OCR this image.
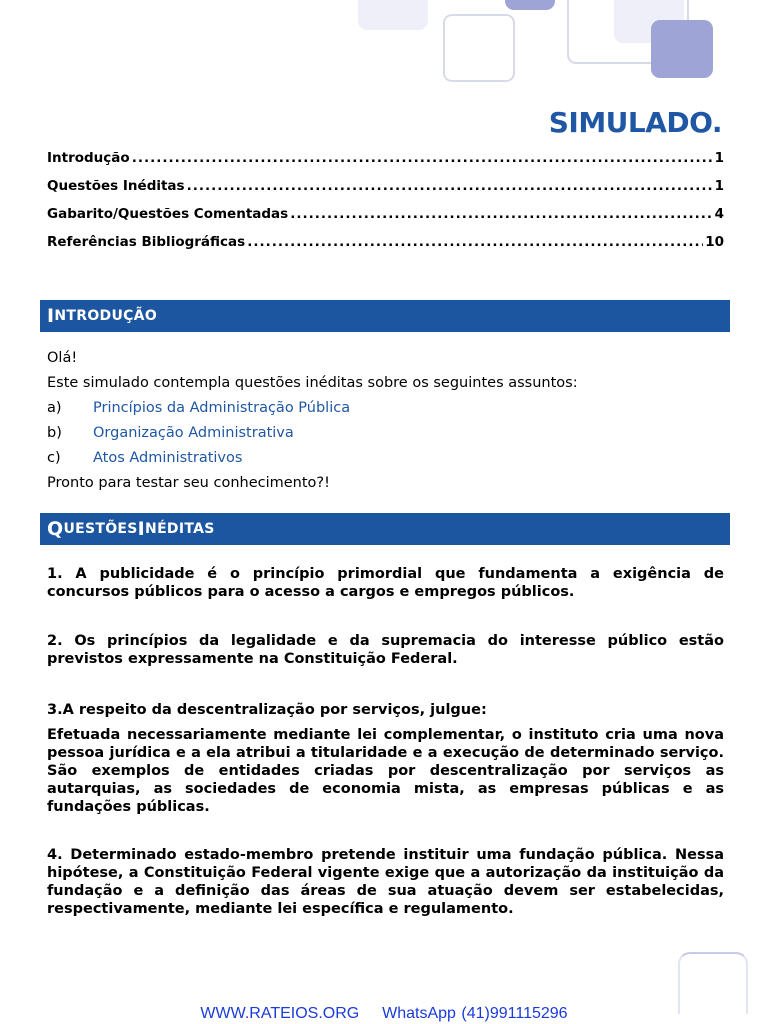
SIMULADO.
Introdução .....	1
Questões Inéditas .....	1
Gabarito/Questões Comentadas .....	4
Referências Bibliográficas .....	10
I NTRODUÇÃO
Olá!
Este simulado contempla questões inéditas sobre os seguintes assuntos:
a)	Princípios da Administração Pública
b)	Organização Administrativa
c)	Atos Administrativos
Pronto para testar seu conhecimento?!
Q UESTÕES I NÉDITAS

1. A publicidade é o princípio primordial que fundamenta a exigência de concursos públicos para o acesso a cargos e empregos públicos.

2. Os princípios da legalidade e da supremacia do interesse público estão previstos expressamente na Constituição Federal.

3.A respeito da descentralização por serviços, julgue:

Efetuada necessariamente mediante lei complementar, o instituto cria uma nova pessoa jurídica e a ela atribui a titularidade e a execução de determinado serviço. São exemplos de entidades criadas por descentralização por serviços as autarquias, as sociedades de economia mista, as empresas públicas e as fundações públicas.

4. Determinado estado-membro pretende instituir uma fundação pública. Nessa hipótese, a Constituição Federal vigente exige que a autorização da instituição da fundação e a definição das áreas de sua atuação devem ser estabelecidas, respectivamente, mediante lei específica e regulamento.

WWW.RATEIOS.ORG WhatsApp (41)991115296
